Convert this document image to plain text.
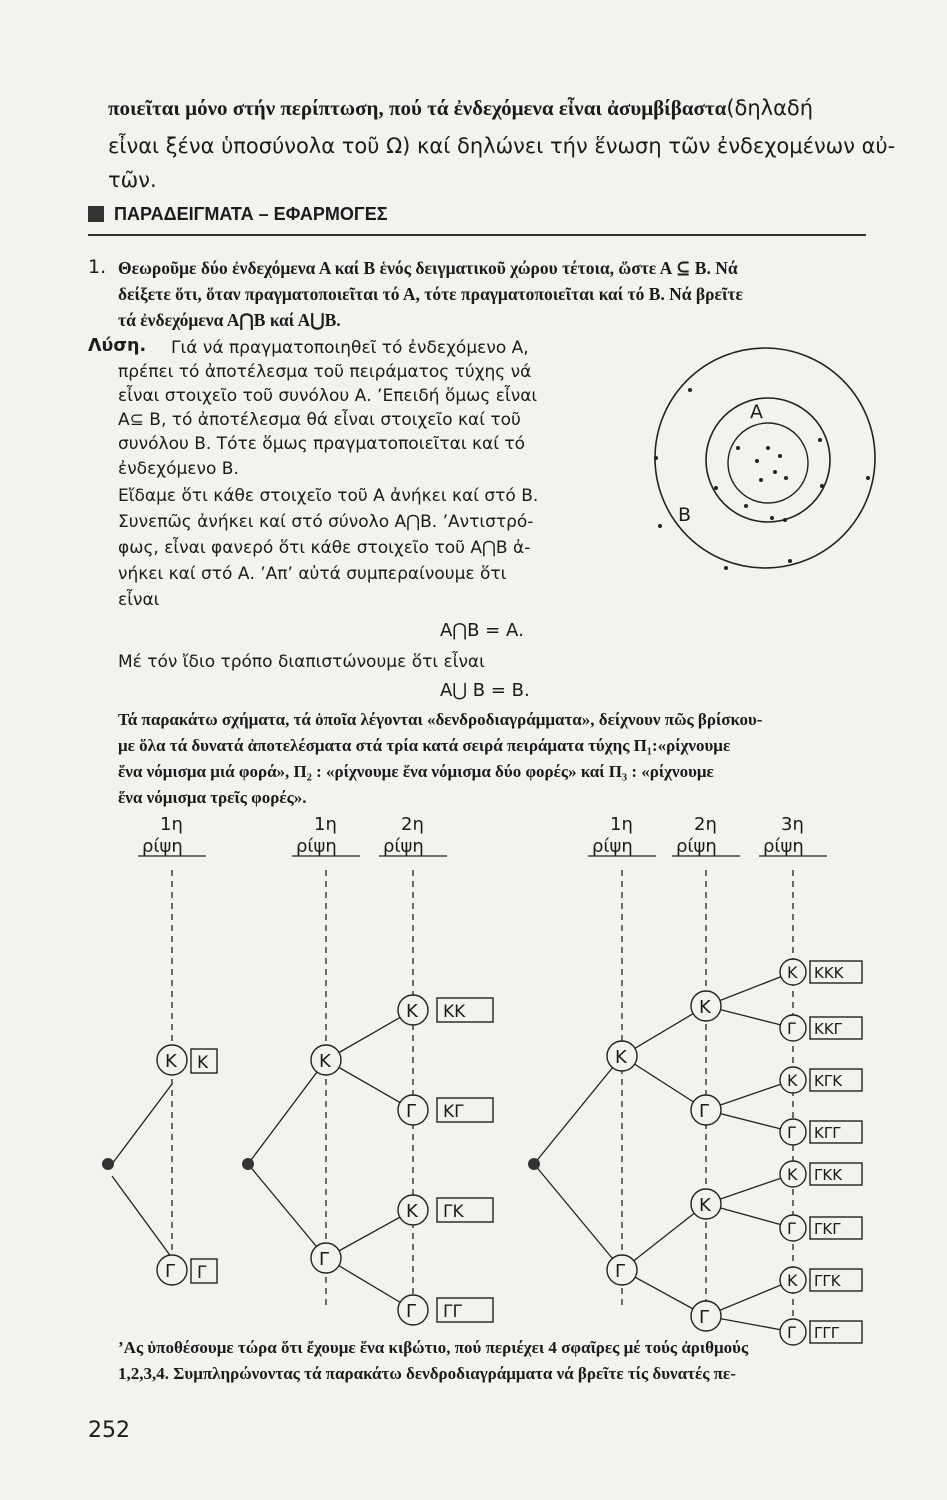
ποιεῖται μόνο στήν περίπτωση, πού τά ἐνδεχόμενα εἶναι ἀσυμβίβαστα(δηλαδή
εἶναι ξένα ὑποσύνολα τοῦ Ω) καί δηλώνει τήν ἕνωση τῶν ἐνδεχομένων αὐ-
τῶν.
ΠΑΡΑΔΕΙΓΜΑΤΑ – ΕΦΑΡΜΟΓΕΣ
1. Θεωροῦμε δύο ἐνδεχόμενα Α καί Β ἑνός δειγματικοῦ χώρου τέτοια, ὥστε Α ⊆ Β. Νά
δείξετε ὅτι, ὅταν πραγματοποιεῖται τό Α, τότε πραγματοποιεῖται καί τό Β. Νά βρεῖτε
τά ἐνδεχόμενα Α⋂Β καί Α⋃Β.
Λύση. Γιά νά πραγματοποιηθεῖ τό ἐνδεχόμενο Α,
πρέπει τό ἀποτέλεσμα τοῦ πειράματος τύχης νά
εἶναι στοιχεῖο τοῦ συνόλου Α. ’Επειδή ὅμως εἶναι
Α⊆ Β, τό ἀποτέλεσμα θά εἶναι στοιχεῖο καί τοῦ
συνόλου Β. Τότε ὅμως πραγματοποιεῖται καί τό
ἐνδεχόμενο Β.
Εἴδαμε ὅτι κάθε στοιχεῖο τοῦ Α ἀνήκει καί στό Β.
Συνεπῶς ἀνήκει καί στό σύνολο Α⋂Β. ’Αντιστρό-
φως, εἶναι φανερό ὅτι κάθε στοιχεῖο τοῦ Α⋂Β ἀ-
νήκει καί στό Α. ’Απ’ αὐτά συμπεραίνουμε ὅτι
εἶναι
Α⋂Β = Α.
Μέ τόν ἴδιο τρόπο διαπιστώνουμε ὅτι εἶναι
Α⋃ Β = Β.
Α
Β
Τά παρακάτω σχήματα, τά ὁποῖα λέγονται «δενδροδιαγράμματα», δείχνουν πῶς βρίσκου-
με ὅλα τά δυνατά ἀποτελέσματα στά τρία κατά σειρά πειράματα τύχης Π₁:«ρίχνουμε
ἕνα νόμισμα μιά φορά», Π₂ : «ρίχνουμε ἕνα νόμισμα δύο φορές» καί Π₃ : «ρίχνουμε
ἕνα νόμισμα τρεῖς φορές».
1η
ρίψη
1η
ρίψη
2η
ρίψη
1η
ρίψη
2η
ρίψη
3η
ρίψη
Κ Κ
Γ Γ
Κ
Γ
Κ ΚΚ
Γ ΚΓ
Κ ΓΚ
Γ ΓΓ
Κ
Γ
Κ
Γ
Κ
Γ
Κ ΚΚΚ
Γ ΚΚΓ
Κ ΚΓΚ
Γ ΚΓΓ
Κ ΓΚΚ
Γ ΓΚΓ
Κ ΓΓΚ
Γ ΓΓΓ
’Ας ὑποθέσουμε τώρα ὅτι ἔχουμε ἕνα κιβώτιο, πού περιέχει 4 σφαῖρες μέ τούς ἀριθμούς
1,2,3,4. Συμπληρώνοντας τά παρακάτω δενδροδιαγράμματα νά βρεῖτε τίς δυνατές πε-
252
